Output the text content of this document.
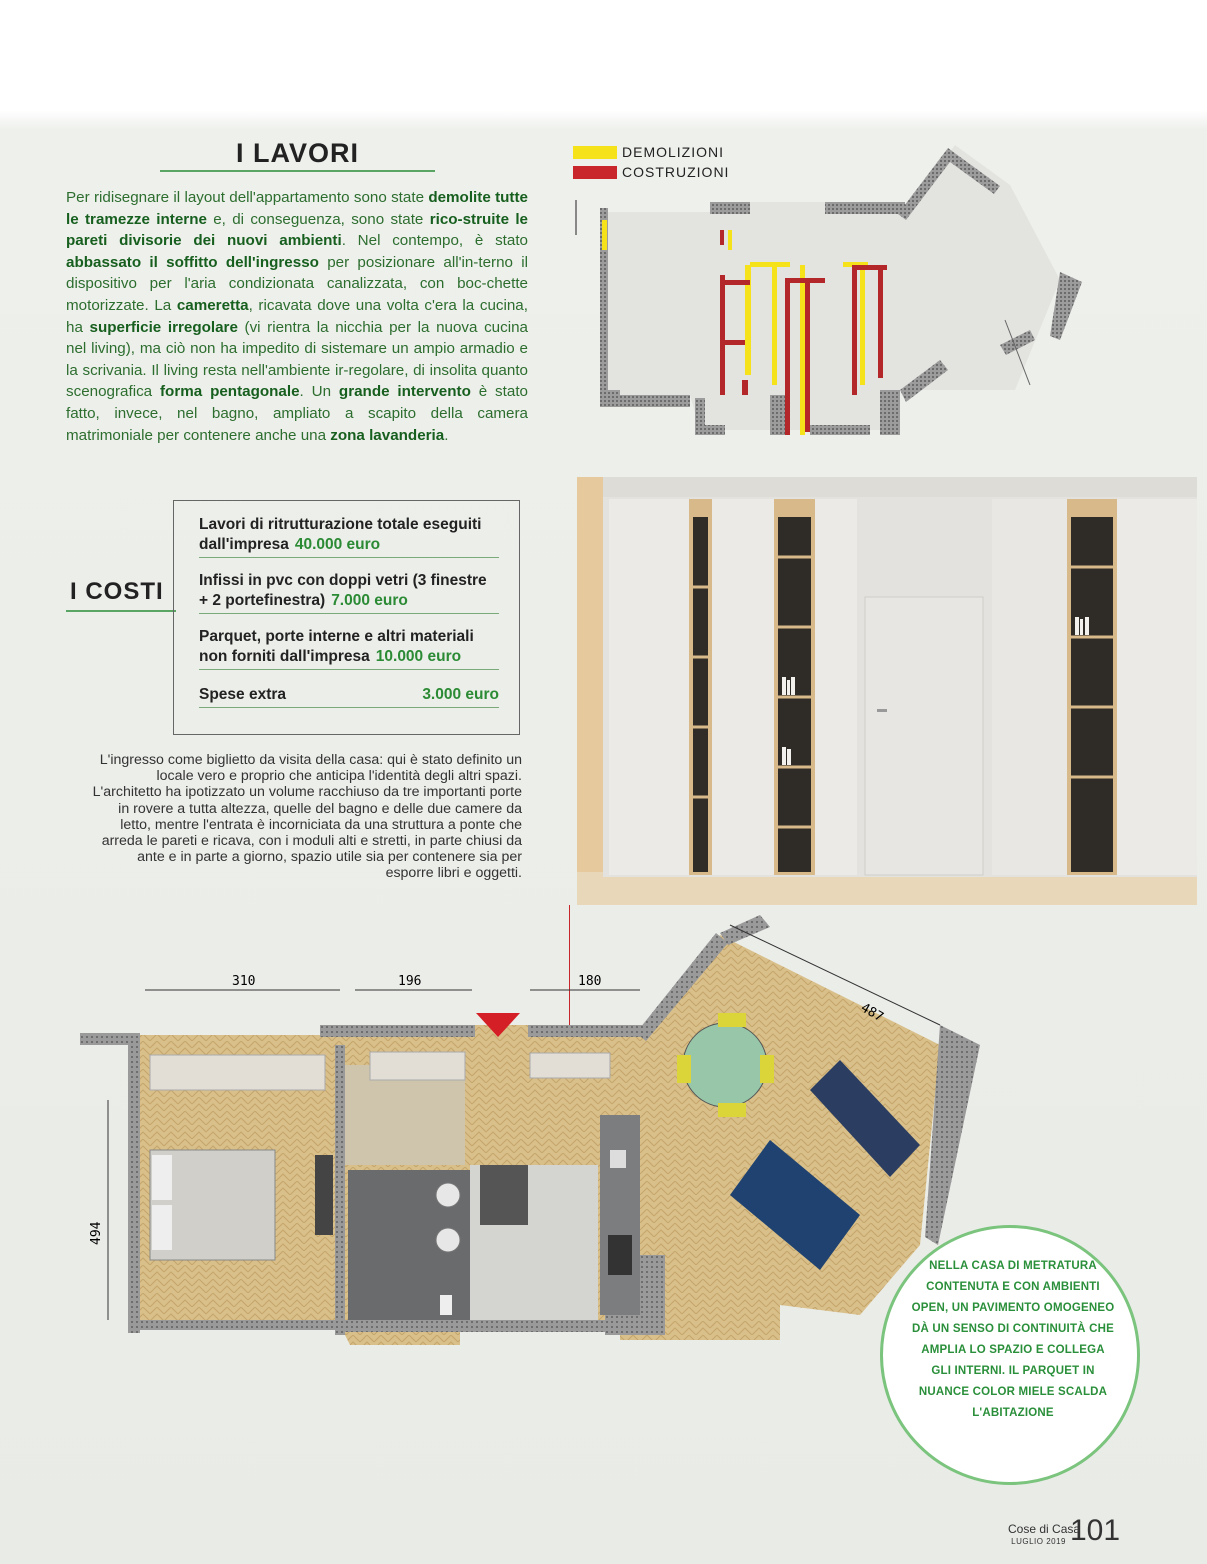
I LAVORI
Per ridisegnare il layout dell'appartamento sono state demolite tutte le tramezze interne e, di conseguenza, sono state rico-struite le pareti divisorie dei nuovi ambienti. Nel contempo, è stato abbassato il soffitto dell'ingresso per posizionare all'in-terno il dispositivo per l'aria condizionata canalizzata, con boc-chette motorizzate. La cameretta, ricavata dove una volta c'era la cucina, ha superficie irregolare (vi rientra la nicchia per la nuova cucina nel living), ma ciò non ha impedito di sistemare un ampio armadio e la scrivania. Il living resta nell'ambiente ir-regolare, di insolita quanto scenografica forma pentagonale. Un grande intervento è stato fatto, invece, nel bagno, ampliato a scapito della camera matrimoniale per contenere anche una zona lavanderia.
I COSTI
Lavori di ritrutturazione totale eseguiti dall'impresa 40.000 euro
Infissi in pvc con doppi vetri (3 finestre + 2 portefinestra) 7.000 euro
Parquet, porte interne e altri materiali non forniti dall'impresa 10.000 euro
Spese extra	3.000 euro
L'ingresso come biglietto da visita della casa: qui è stato definito un locale vero e proprio che anticipa l'identità degli altri spazi. L'architetto ha ipotizzato un volume racchiuso da tre importanti porte in rovere a tutta altezza, quelle del bagno e delle due camere da letto, mentre l'entrata è incorniciata da una struttura a ponte che arreda le pareti e ricava, con i moduli alti e stretti, in parte chiusi da ante e in parte a giorno, spazio utile sia per contenere sia per esporre libri e oggetti.
DEMOLIZIONI
COSTRUZIONI
310	196	180
487
494
NELLA CASA DI METRATURA CONTENUTA E CON AMBIENTI OPEN, UN PAVIMENTO OMOGENEO DÀ UN SENSO DI CONTINUITÀ CHE AMPLIA LO SPAZIO E COLLEGA GLI INTERNI. IL PARQUET IN NUANCE COLOR MIELE SCALDA L'ABITAZIONE
Cose di Casa
LUGLIO 2019 101
